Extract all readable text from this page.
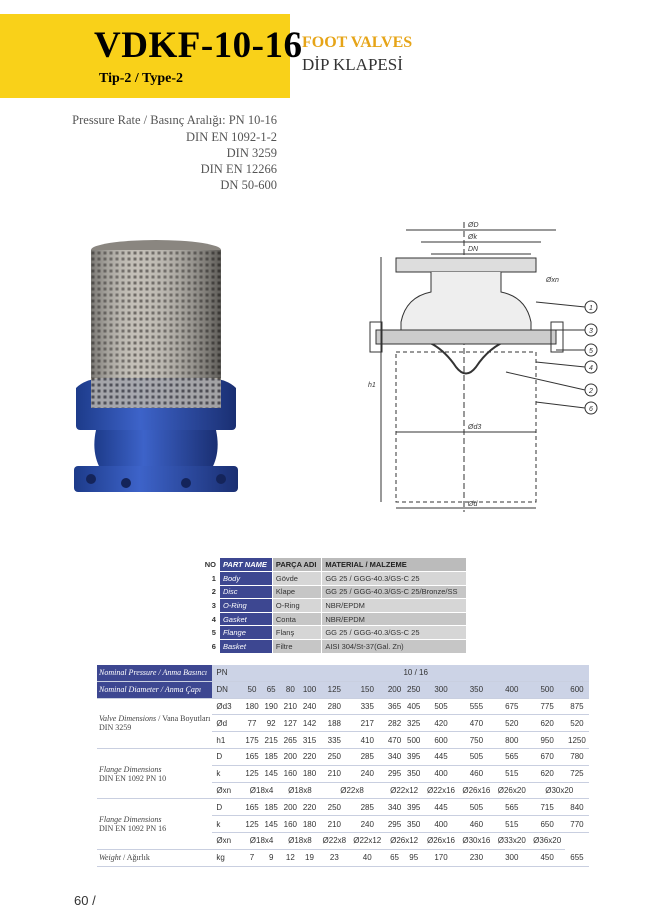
VDKF-10-16
Tip-2 / Type-2
FOOT VALVES
DİP KLAPESİ
Pressure Rate / Basınç Aralığı: PN 10-16
DIN EN 1092-1-2
DIN 3259
DIN EN 12266
DN 50-600
ØD
Øk
DN
Øxn
h1
Ød3
Ød
1
3
5
4
2
6
NO	PART NAME	PARÇA ADI	MATERIAL / MALZEME
1	Body	Gövde	GG 25 / GGG-40.3/GS-C 25
2	Disc	Klape	GG 25 / GGG-40.3/GS-C 25/Bronze/SS
3	O-Ring	O-Ring	NBR/EPDM
4	Gasket	Conta	NBR/EPDM
5	Flange	Flanş	GG 25 / GGG-40.3/GS-C 25
6	Basket	Filtre	AISI 304/St-37(Gal. Zn)
Nominal Pressure / Anma Basıncı	PN	10 / 16												
Nominal Diameter / Anma Çapı	DN	50	65	80	100	125	150	200	250	300	350	400	500	600
Valve Dimensions / Vana Boyutları
DIN 3259	Ød3	180	190	210	240	280	335	365	405	505	555	675	775	875
	Ød	77	92	127	142	188	217	282	325	420	470	520	620	520
	h1	175	215	265	315	335	410	470	500	600	750	800	950	1250
Flange Dimensions
DIN EN 1092 PN 10	D	165	185	200	220	250	285	340	395	445	505	565	670	780
	k	125	145	160	180	210	240	295	350	400	460	515	620	725
	Øxn	Ø18x4		Ø18x8		Ø22x8		Ø22x12		Ø22x16	Ø26x16	Ø26x20	Ø30x20	
Flange Dimensions
DIN EN 1092 PN 16	D	165	185	200	220	250	285	340	395	445	505	565	715	840
	k	125	145	160	180	210	240	295	350	400	460	515	650	770
	Øxn	Ø18x4		Ø18x8		Ø22x8	Ø22x12	Ø26x12		Ø26x16	Ø30x16	Ø33x20	Ø36x20	
Weight / Ağırlık	kg	7	9	12	19	23	40	65	95	170	230	300	450	655
60 /
